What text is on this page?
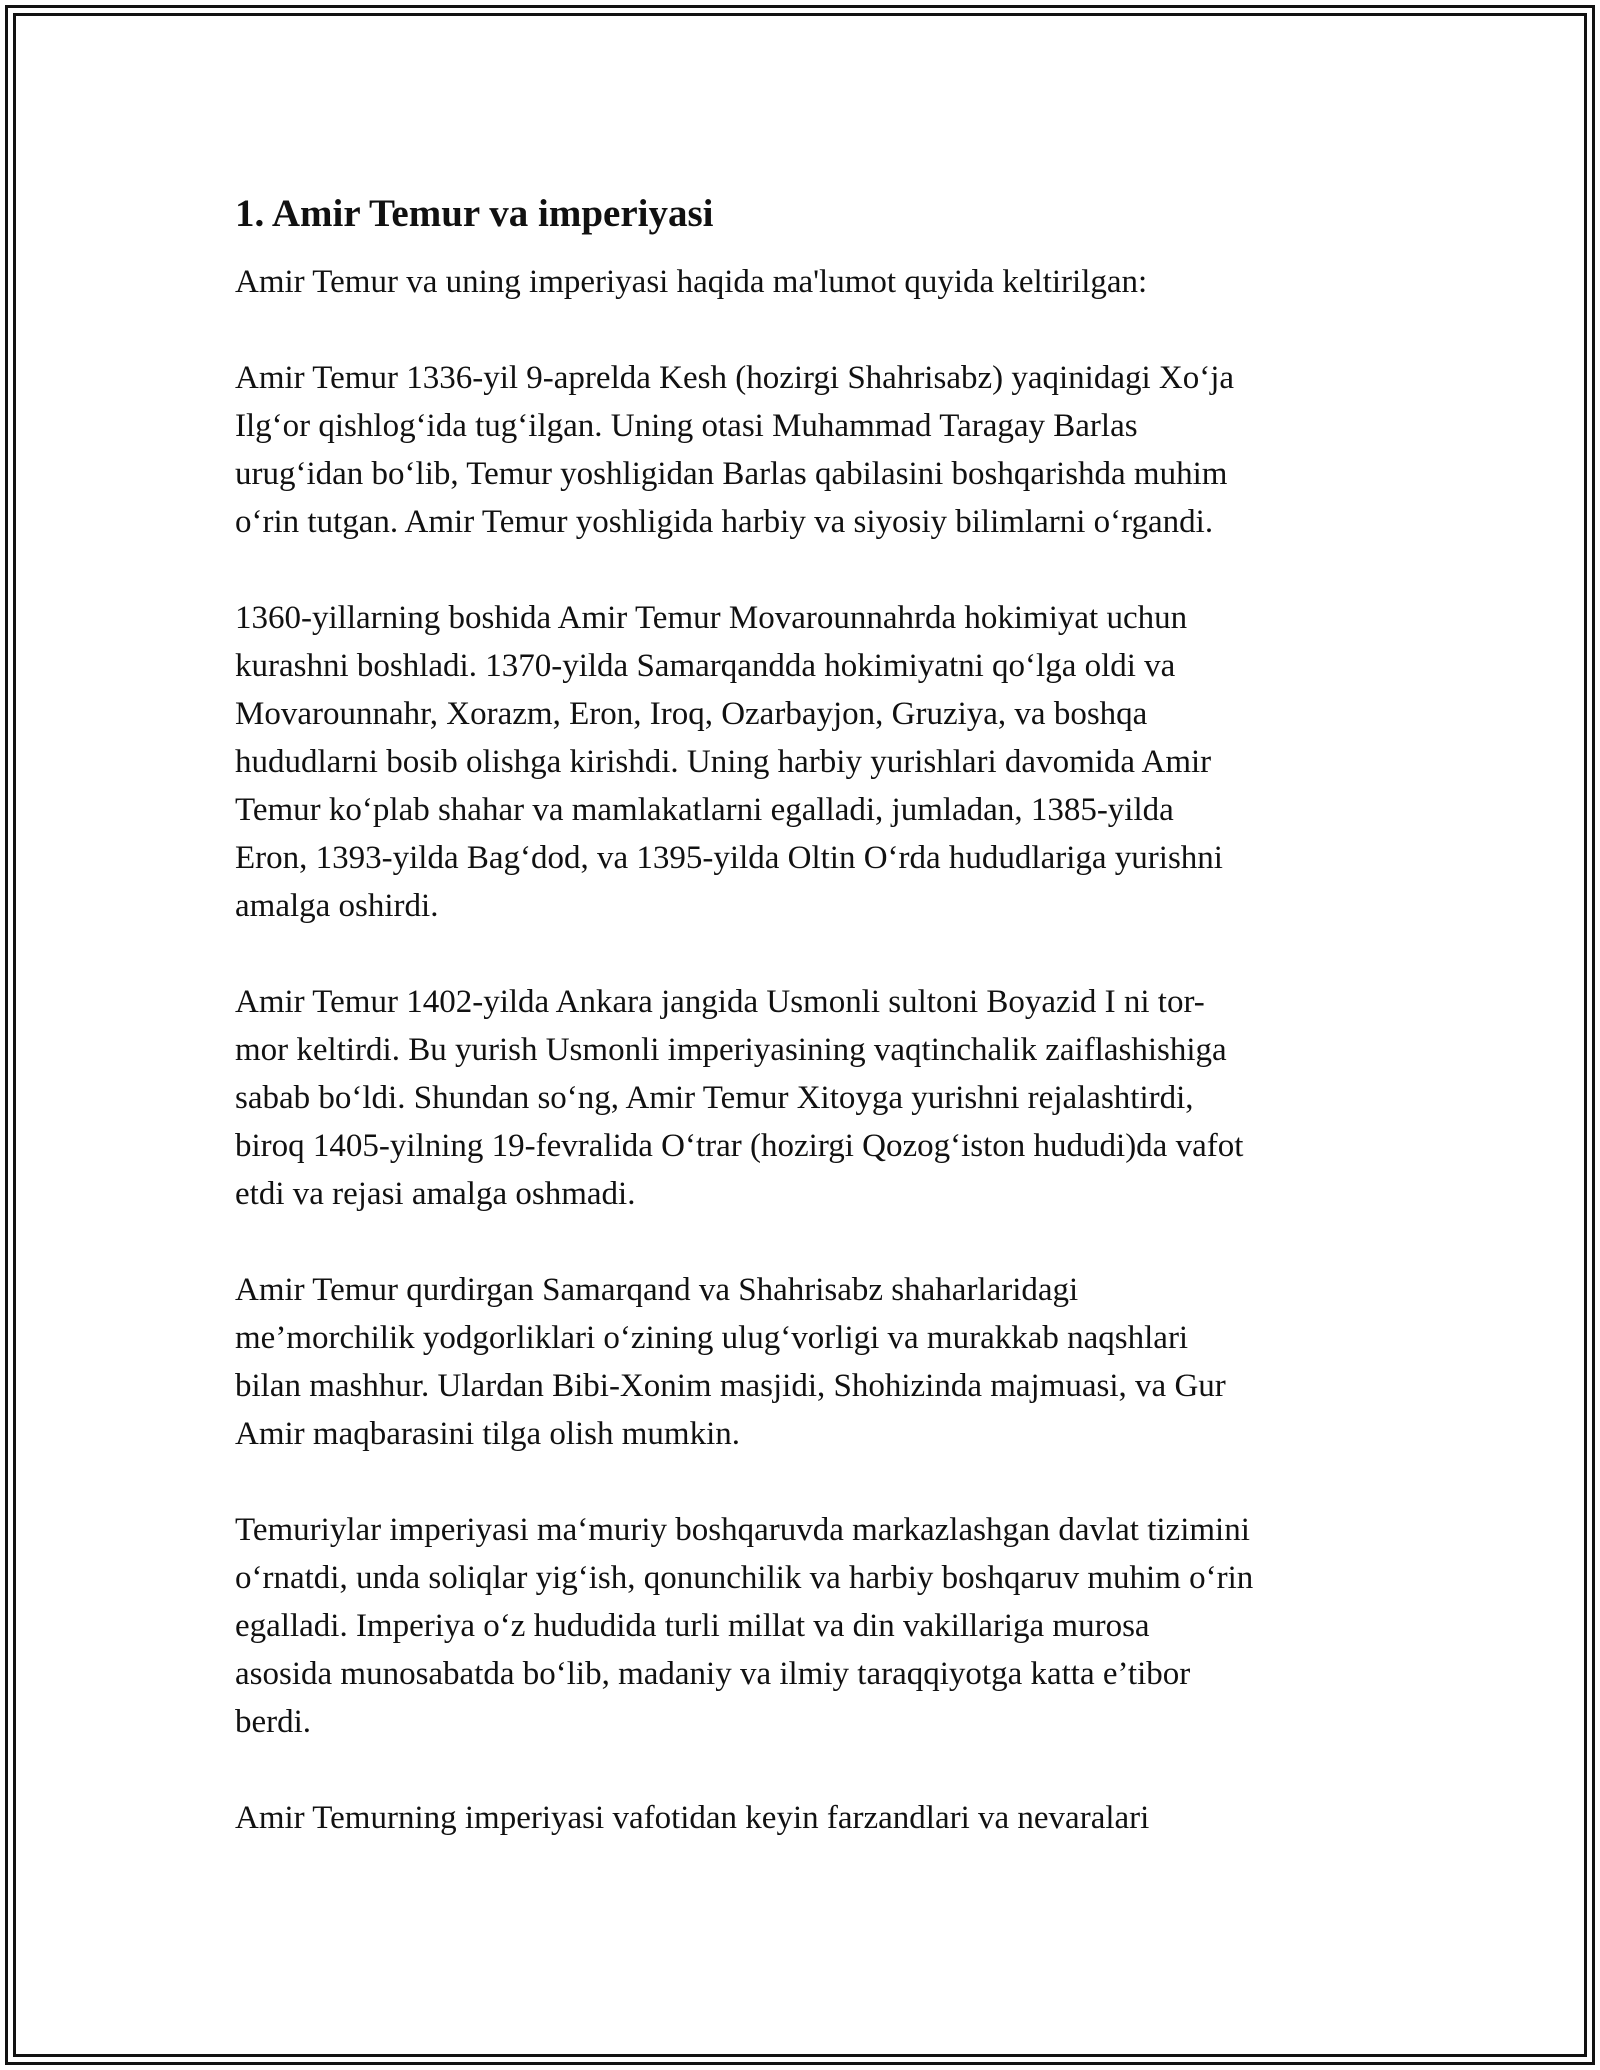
1. Amir Temur va imperiyasi

Amir Temur va uning imperiyasi haqida ma'lumot quyida keltirilgan:

Amir Temur 1336-yil 9-aprelda Kesh (hozirgi Shahrisabz) yaqinidagi Xo‘ja
Ilg‘or qishlog‘ida tug‘ilgan. Uning otasi Muhammad Taragay Barlas
urug‘idan bo‘lib, Temur yoshligidan Barlas qabilasini boshqarishda muhim
o‘rin tutgan. Amir Temur yoshligida harbiy va siyosiy bilimlarni o‘rgandi.

1360-yillarning boshida Amir Temur Movarounnahrda hokimiyat uchun
kurashni boshladi. 1370-yilda Samarqandda hokimiyatni qo‘lga oldi va
Movarounnahr, Xorazm, Eron, Iroq, Ozarbayjon, Gruziya, va boshqa
hududlarni bosib olishga kirishdi. Uning harbiy yurishlari davomida Amir
Temur ko‘plab shahar va mamlakatlarni egalladi, jumladan, 1385-yilda
Eron, 1393-yilda Bag‘dod, va 1395-yilda Oltin O‘rda hududlariga yurishni
amalga oshirdi.

Amir Temur 1402-yilda Ankara jangida Usmonli sultoni Boyazid I ni tor-
mor keltirdi. Bu yurish Usmonli imperiyasining vaqtinchalik zaiflashishiga
sabab bo‘ldi. Shundan so‘ng, Amir Temur Xitoyga yurishni rejalashtirdi,
biroq 1405-yilning 19-fevralida O‘trar (hozirgi Qozog‘iston hududi)da vafot
etdi va rejasi amalga oshmadi.

Amir Temur qurdirgan Samarqand va Shahrisabz shaharlaridagi
me’morchilik yodgorliklari o‘zining ulug‘vorligi va murakkab naqshlari
bilan mashhur. Ulardan Bibi-Xonim masjidi, Shohizinda majmuasi, va Gur
Amir maqbarasini tilga olish mumkin.

Temuriylar imperiyasi ma‘muriy boshqaruvda markazlashgan davlat tizimini
o‘rnatdi, unda soliqlar yig‘ish, qonunchilik va harbiy boshqaruv muhim o‘rin
egalladi. Imperiya o‘z hududida turli millat va din vakillariga murosa
asosida munosabatda bo‘lib, madaniy va ilmiy taraqqiyotga katta e’tibor
berdi.

Amir Temurning imperiyasi vafotidan keyin farzandlari va nevaralari
